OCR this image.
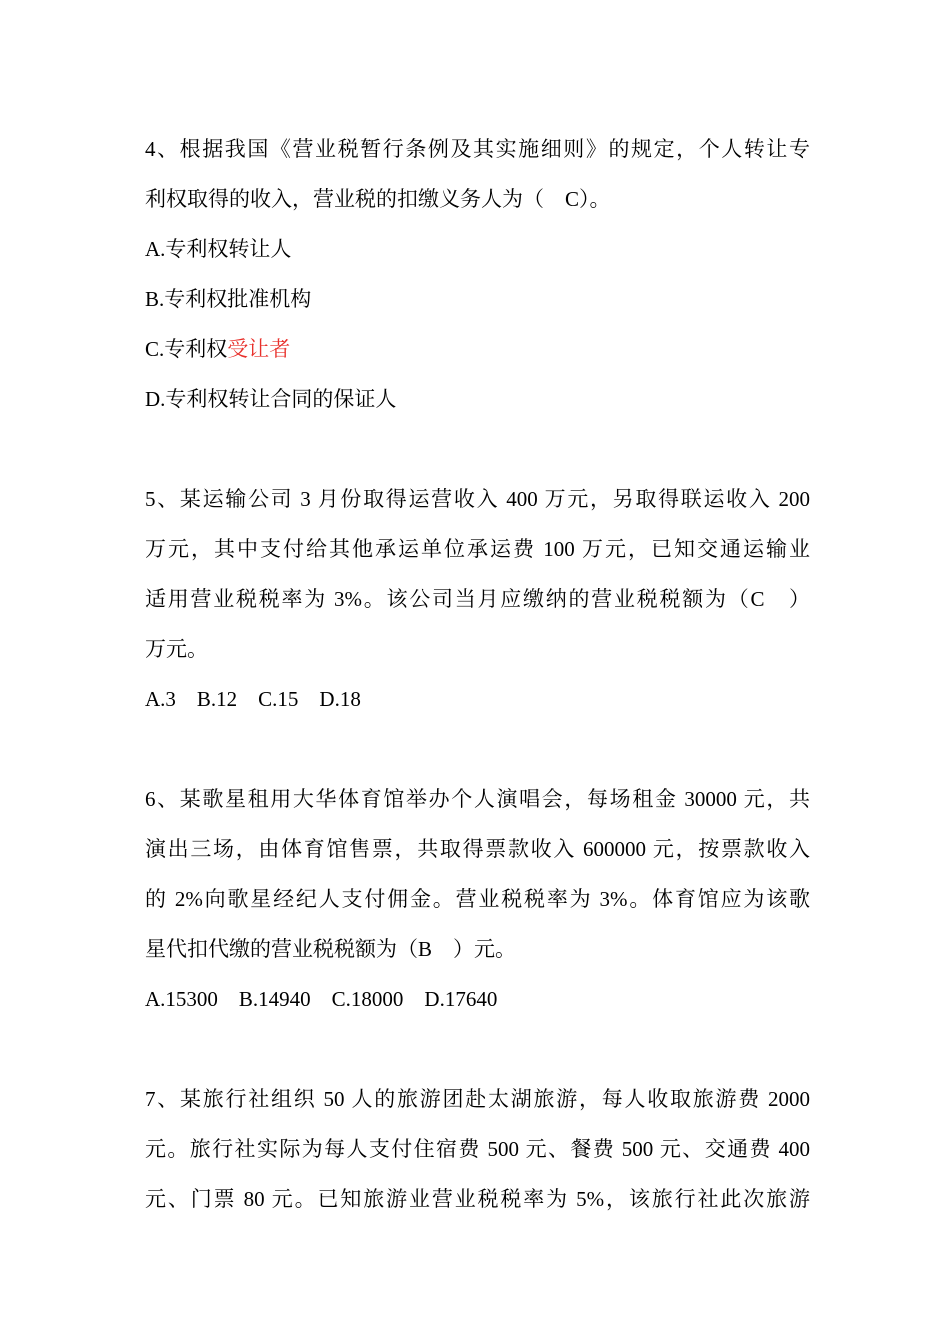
4、根据我国《营业税暂行条例及其实施细则》的规定，个人转让专

利权取得的收入，营业税的扣缴义务人为（　C）。

A.专利权转让人

B.专利权批准机构

C.专利权受让者

D.专利权转让合同的保证人

5、某运输公司 3 月份取得运营收入 400 万元，另取得联运收入 200

万元，其中支付给其他承运单位承运费 100 万元，已知交通运输业

适用营业税税率为 3%。该公司当月应缴纳的营业税税额为（C　）

万元。

A.3　B.12　C.15　D.18

6、某歌星租用大华体育馆举办个人演唱会，每场租金 30000 元，共

演出三场，由体育馆售票，共取得票款收入 600000 元，按票款收入

的 2%向歌星经纪人支付佣金。营业税税率为 3%。体育馆应为该歌

星代扣代缴的营业税税额为（B　）元。

A.15300　B.14940　C.18000　D.17640

7、某旅行社组织 50 人的旅游团赴太湖旅游，每人收取旅游费 2000

元。旅行社实际为每人支付住宿费 500 元、餐费 500 元、交通费 400

元、门票 80 元。已知旅游业营业税税率为 5%，该旅行社此次旅游
